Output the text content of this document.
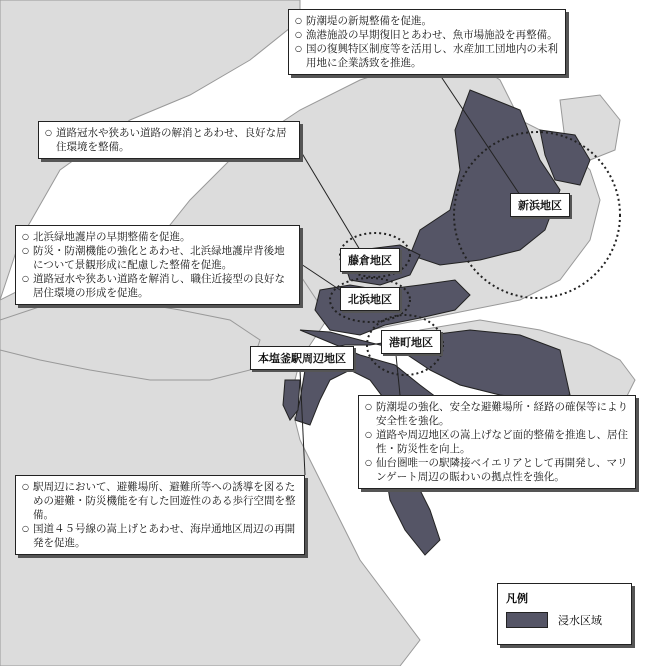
○ 防潮堤の新規整備を促進。
○ 漁港施設の早期復旧とあわせ、魚市場施設を再整備。
○ 国の復興特区制度等を活用し、水産加工団地内の未利用地に企業誘致を推進。
○ 道路冠水や狭あい道路の解消とあわせ、良好な居住環境を整備。
○ 北浜緑地護岸の早期整備を促進。
○ 防災・防潮機能の強化とあわせ、北浜緑地護岸背後地について景観形成に配慮した整備を促進。
○ 道路冠水や狭あい道路を解消し、職住近接型の良好な居住環境の形成を促進。
○ 防潮堤の強化、安全な避難場所・経路の確保等により安全性を強化。
○ 道路や周辺地区の嵩上げなど面的整備を推進し、居住性・防災性を向上。
○ 仙台圏唯一の駅隣接ベイエリアとして再開発し、マリンゲート周辺の賑わいの拠点性を強化。
○ 駅周辺において、避難場所、避難所等への誘導を図るための避難・防災機能を有した回遊性のある歩行空間を整備。
○ 国道４５号線の嵩上げとあわせ、海岸通地区周辺の再開発を促進。
新浜地区
藤倉地区
北浜地区
港町地区
本塩釜駅周辺地区
凡例
浸水区域
